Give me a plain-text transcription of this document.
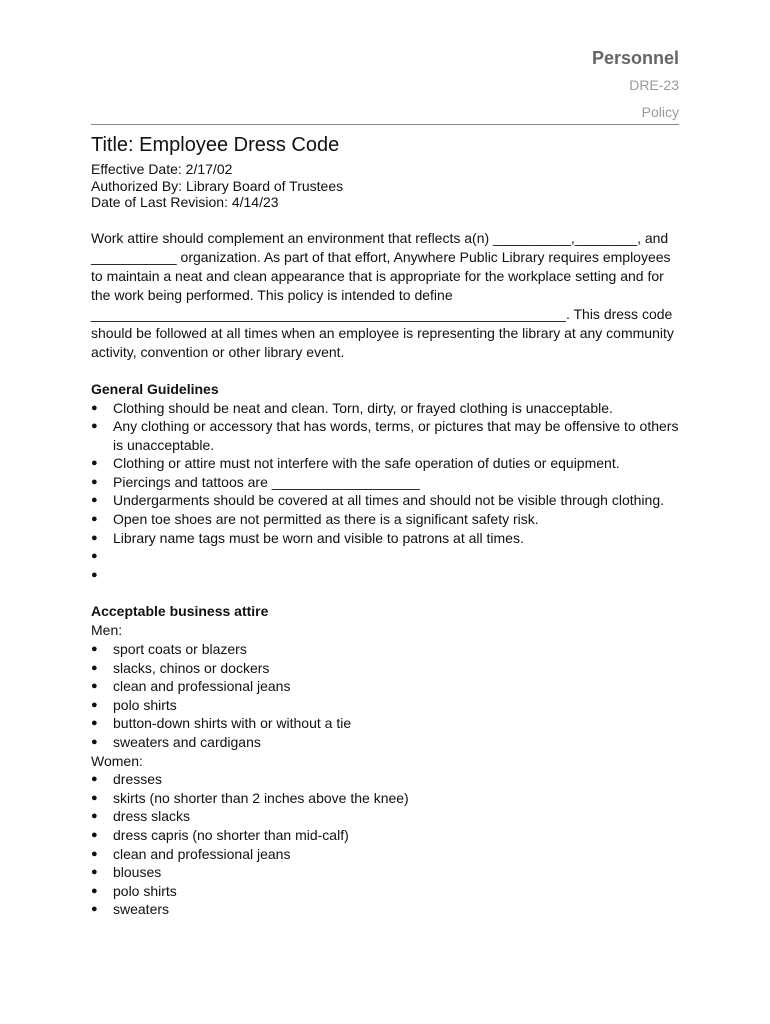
Personnel
DRE-23
Policy
Title: Employee Dress Code
Effective Date: 2/17/02
Authorized By: Library Board of Trustees
Date of Last Revision: 4/14/23

Work attire should complement an environment that reflects a(n) __________,________, and ___________ organization. As part of that effort, Anywhere Public Library requires employees to maintain a neat and clean appearance that is appropriate for the workplace setting and for the work being performed. This policy is intended to define _____________________________________________________________. This dress code should be followed at all times when an employee is representing the library at any community activity, convention or other library event.

General Guidelines
● Clothing should be neat and clean. Torn, dirty, or frayed clothing is unacceptable.
● Any clothing or accessory that has words, terms, or pictures that may be offensive to others is unacceptable.
● Clothing or attire must not interfere with the safe operation of duties or equipment.
● Piercings and tattoos are ___________________
● Undergarments should be covered at all times and should not be visible through clothing.
● Open toe shoes are not permitted as there is a significant safety risk.
● Library name tags must be worn and visible to patrons at all times.
●
●
Acceptable business attire
Men:
● sport coats or blazers
● slacks, chinos or dockers
● clean and professional jeans
● polo shirts
● button-down shirts with or without a tie
● sweaters and cardigans
Women:
● dresses
● skirts (no shorter than 2 inches above the knee)
● dress slacks
● dress capris (no shorter than mid-calf)
● clean and professional jeans
● blouses
● polo shirts
● sweaters
